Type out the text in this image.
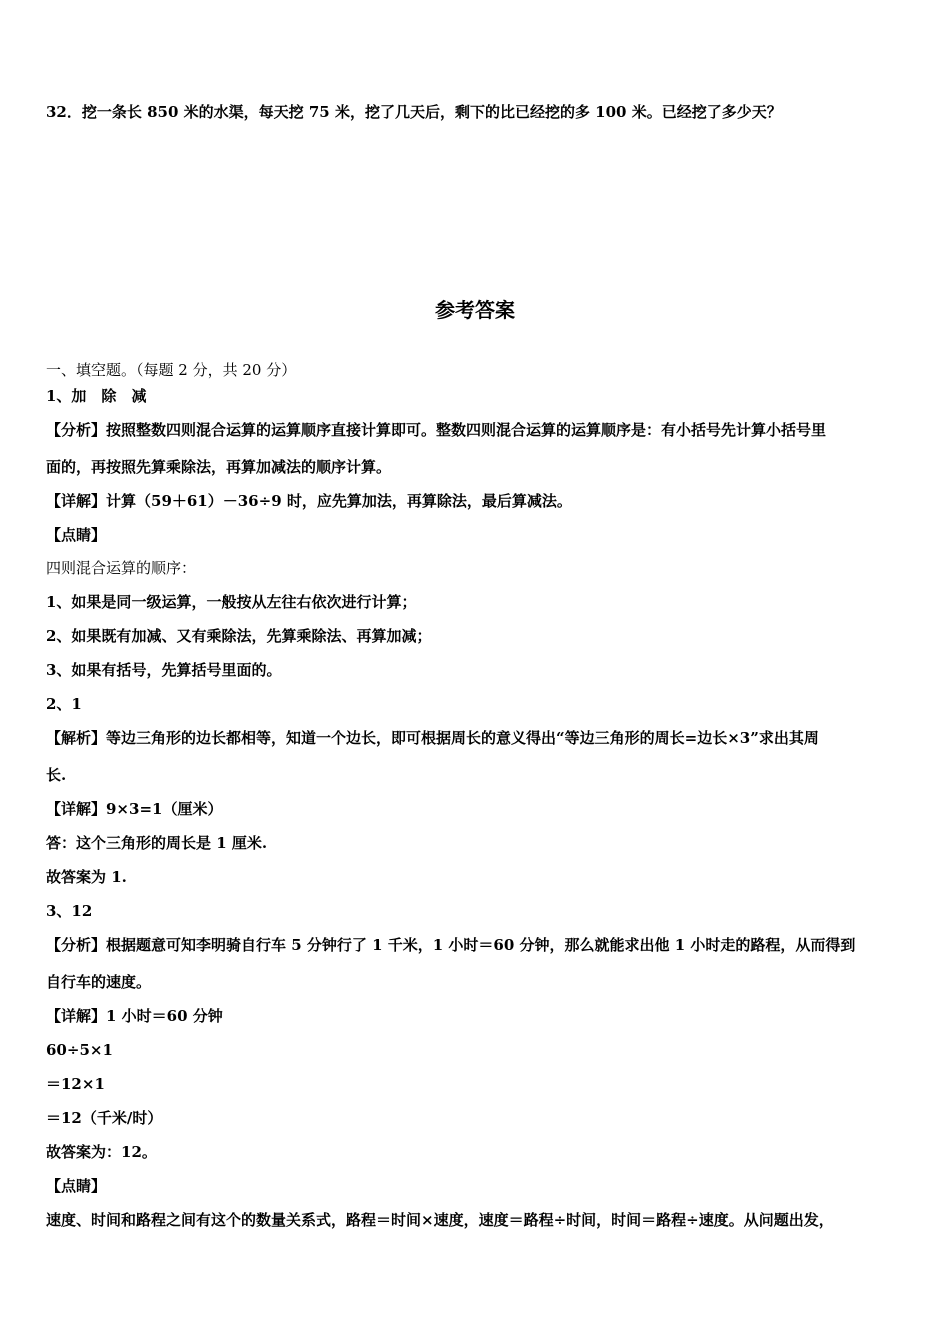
32．挖一条长 850 米的水渠，每天挖 75 米，挖了几天后，剩下的比已经挖的多 100 米。已经挖了多少天？
参考答案
一、填空题。（每题 2 分，共 20 分）
1、加　除　减
【分析】按照整数四则混合运算的运算顺序直接计算即可。整数四则混合运算的运算顺序是：有小括号先计算小括号里
面的，再按照先算乘除法，再算加减法的顺序计算。
【详解】计算（59＋61）－36÷9 时，应先算加法，再算除法，最后算减法。
【点睛】
四则混合运算的顺序：
1、如果是同一级运算，一般按从左往右依次进行计算；
2、如果既有加减、又有乘除法，先算乘除法、再算加减；
3、如果有括号，先算括号里面的。
2、1
【解析】等边三角形的边长都相等，知道一个边长，即可根据周长的意义得出“等边三角形的周长=边长×3”求出其周
长.
【详解】9×3=1（厘米）
答：这个三角形的周长是 1 厘米.
故答案为 1.
3、12
【分析】根据题意可知李明骑自行车 5 分钟行了 1 千米，1 小时＝60 分钟，那么就能求出他 1 小时走的路程，从而得到
自行车的速度。
【详解】1 小时＝60 分钟
60÷5×1
＝12×1
＝12（千米/时）
故答案为：12。
【点睛】
速度、时间和路程之间有这个的数量关系式，路程＝时间×速度，速度＝路程÷时间，时间＝路程÷速度。从问题出发，
